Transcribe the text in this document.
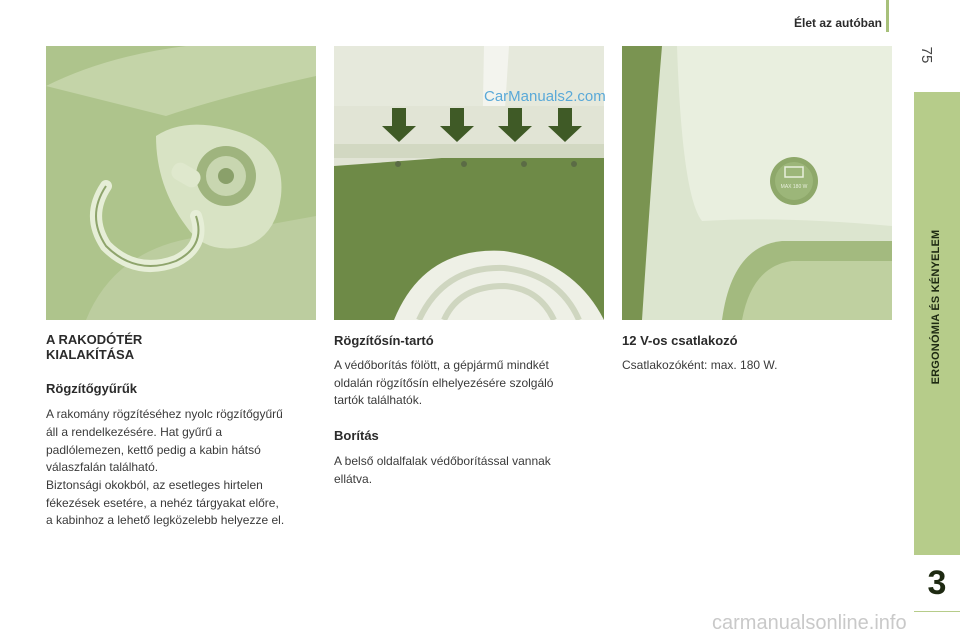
Élet az autóban
75
ERGONÓMIA ÉS KÉNYELEM
3
CarManuals2.com
MAX 180 W
A RAKODÓTÉR
KIALAKÍTÁSA
Rögzítőgyűrűk

A rakomány rögzítéséhez nyolc rögzítőgyűrű

áll a rendelkezésére. Hat gyűrű a

padlólemezen, kettő pedig a kabin hátsó

válaszfalán található.

Biztonsági okokból, az esetleges hirtelen

fékezések esetére, a nehéz tárgyakat előre,

a kabinhoz a lehető legközelebb helyezze el.

Rögzítősín-tartó

A védőborítás fölött, a gépjármű mindkét

oldalán rögzítősín elhelyezésére szolgáló

tartók találhatók.

Borítás

A belső oldalfalak védőborítással vannak

ellátva.

12 V-os csatlakozó

Csatlakozóként: max. 180 W.

carmanualsonline.info
